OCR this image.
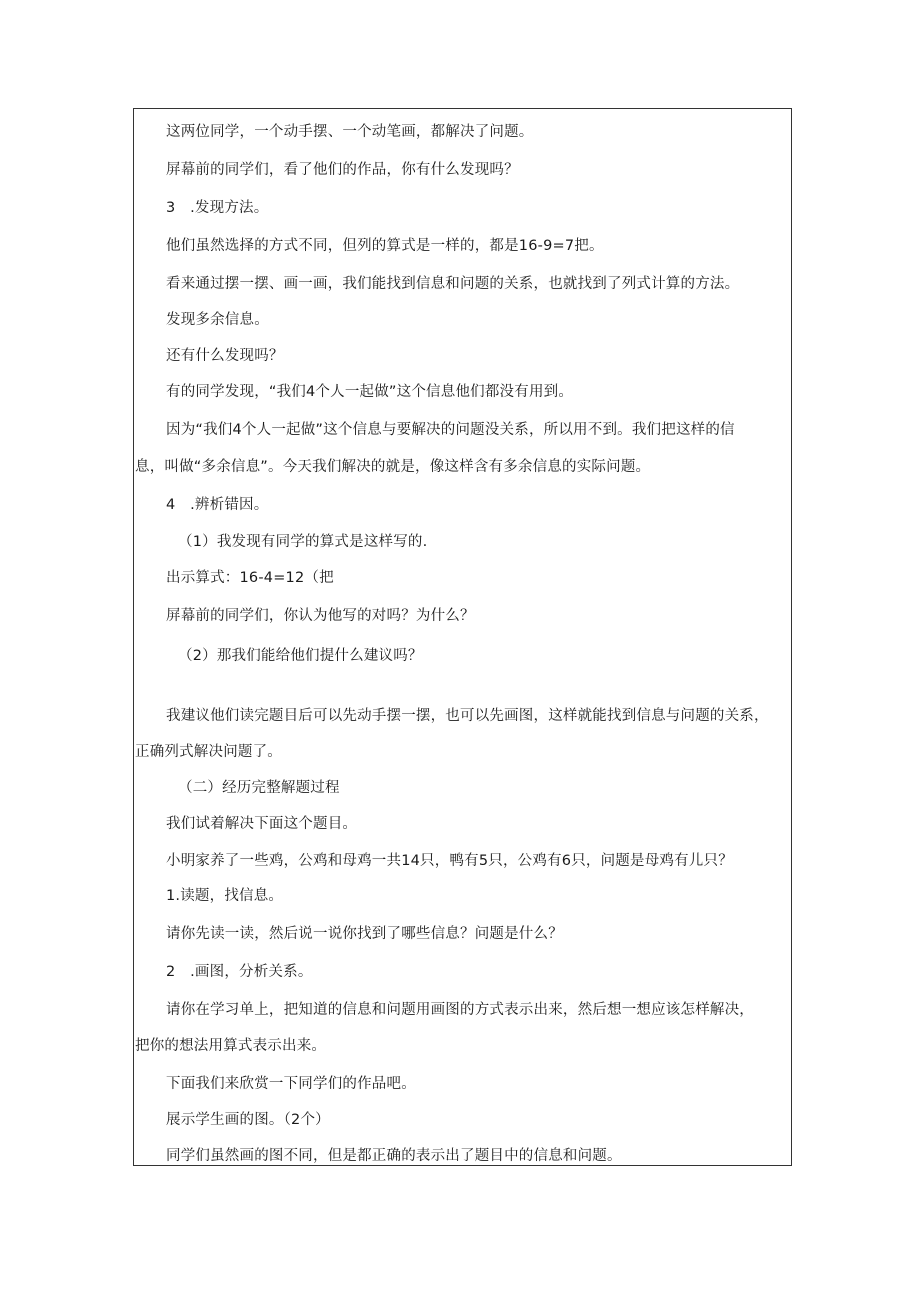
这两位同学，一个动手摆、一个动笔画，都解决了问题。
屏幕前的同学们，看了他们的作品，你有什么发现吗？
3　.发现方法。
他们虽然选择的方式不同，但列的算式是一样的，都是16-9=7把。
看来通过摆一摆、画一画，我们能找到信息和问题的关系，也就找到了列式计算的方法。
发现多余信息。
还有什么发现吗？
有的同学发现，“我们4个人一起做”这个信息他们都没有用到。
因为“我们4个人一起做”这个信息与要解决的问题没关系，所以用不到。我们把这样的信
息，叫做“多余信息”。今天我们解决的就是，像这样含有多余信息的实际问题。
4　.辨析错因。
（1）我发现有同学的算式是这样写的.
出示算式：16-4=12（把
屏幕前的同学们，你认为他写的对吗？为什么？
（2）那我们能给他们提什么建议吗？
我建议他们读完题目后可以先动手摆一摆，也可以先画图，这样就能找到信息与问题的关系，
正确列式解决问题了。
（二）经历完整解题过程
我们试着解决下面这个题目。
小明家养了一些鸡，公鸡和母鸡一共14只，鸭有5只，公鸡有6只，问题是母鸡有儿只？
1.读题，找信息。
请你先读一读，然后说一说你找到了哪些信息？问题是什么？
2　.画图，分析关系。
请你在学习单上，把知道的信息和问题用画图的方式表示出来，然后想一想应该怎样解决，
把你的想法用算式表示出来。
下面我们来欣赏一下同学们的作品吧。
展示学生画的图。（2个）
同学们虽然画的图不同，但是都正确的表示出了题目中的信息和问题。
